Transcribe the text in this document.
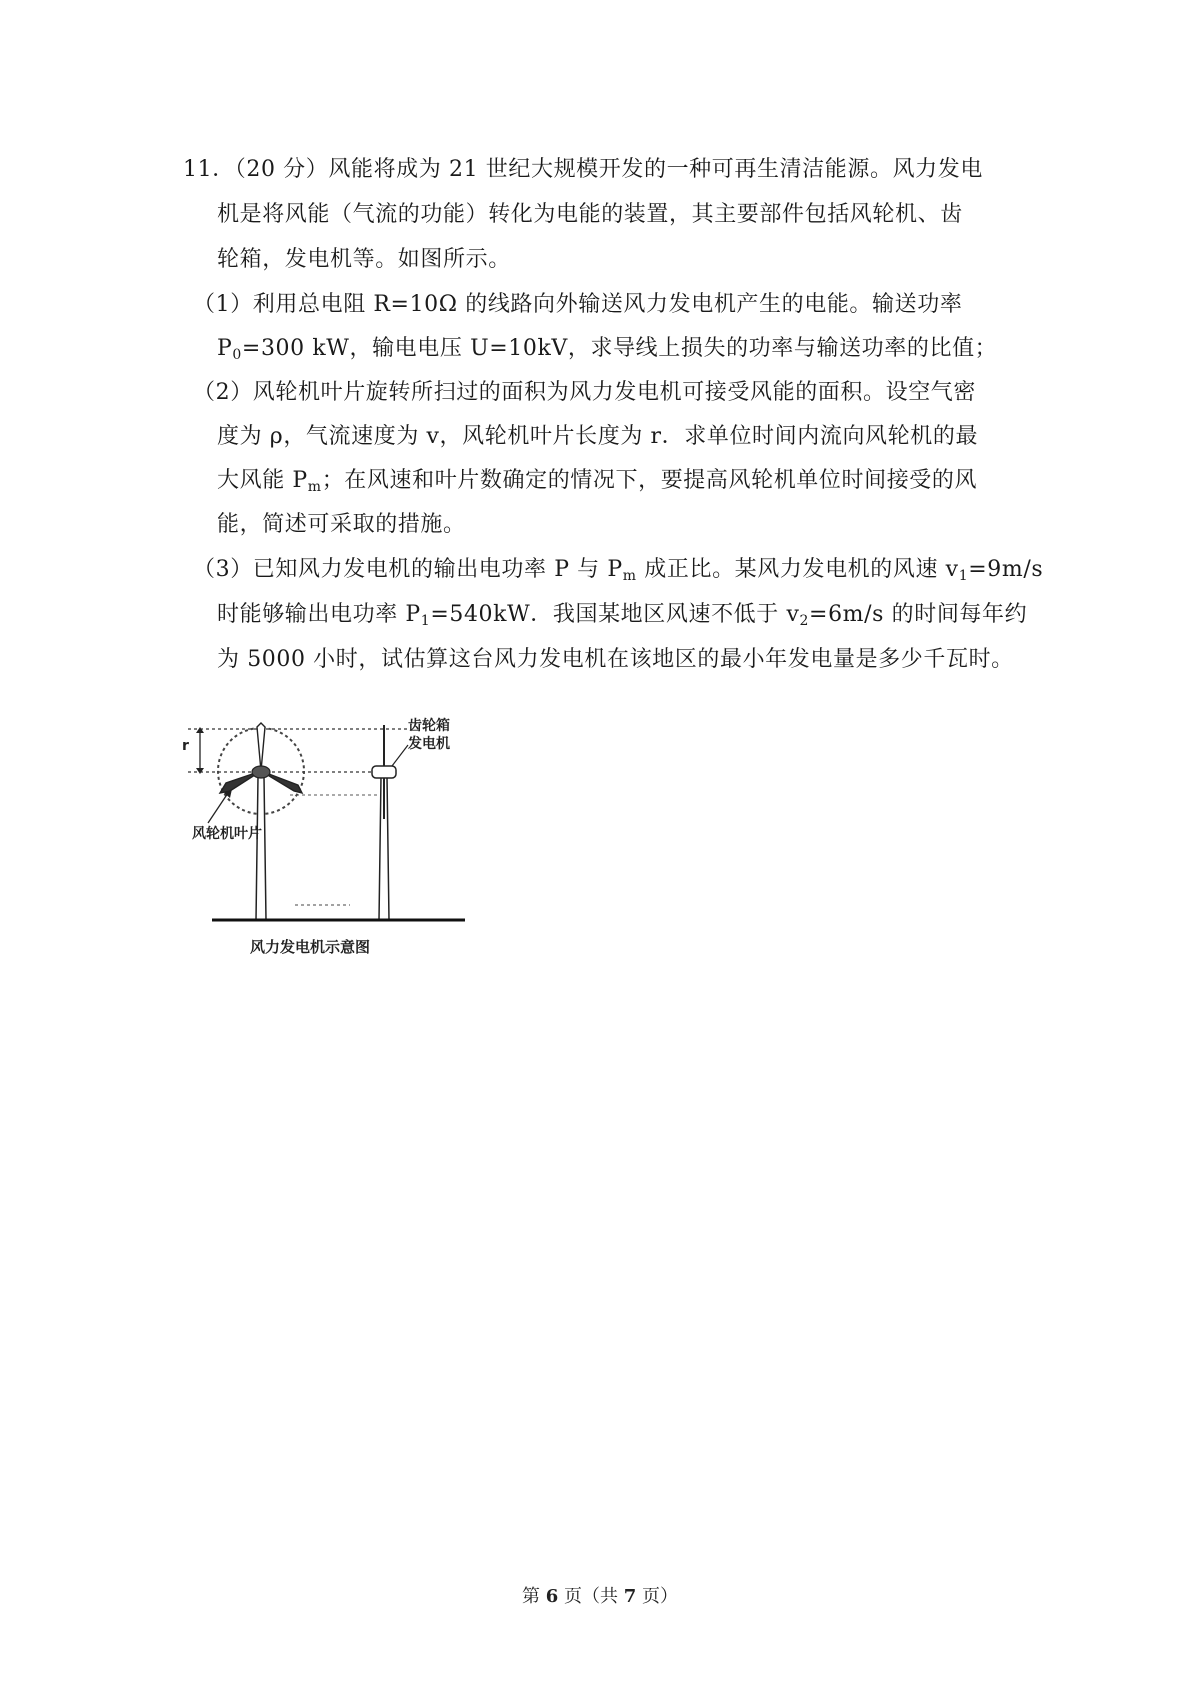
11．（20 分）风能将成为 21 世纪大规模开发的一种可再生清洁能源。风力发电
机是将风能（气流的功能）转化为电能的装置，其主要部件包括风轮机、齿
轮箱，发电机等。如图所示。
（1）利用总电阻 R=10Ω 的线路向外输送风力发电机产生的电能。输送功率
$P_0=300$ kW，输电电压 U=10kV，求导线上损失的功率与输送功率的比值；
（2）风轮机叶片旋转所扫过的面积为风力发电机可接受风能的面积。设空气密
度为 ρ，气流速度为 v，风轮机叶片长度为 r．求单位时间内流向风轮机的最
大风能 $P_m$；在风速和叶片数确定的情况下，要提高风轮机单位时间接受的风
能，简述可采取的措施。
（3）已知风力发电机的输出电功率 P 与 $P_m$ 成正比。某风力发电机的风速 $v_1=9m/s$
时能够输出电功率 $P_1=540kW$．我国某地区风速不低于 $v_2=6m/s$ 的时间每年约
为 5000 小时，试估算这台风力发电机在该地区的最小年发电量是多少千瓦时。
r
齿轮箱
发电机
风轮机叶片
风力发电机示意图
第 6 页（共 7 页）
